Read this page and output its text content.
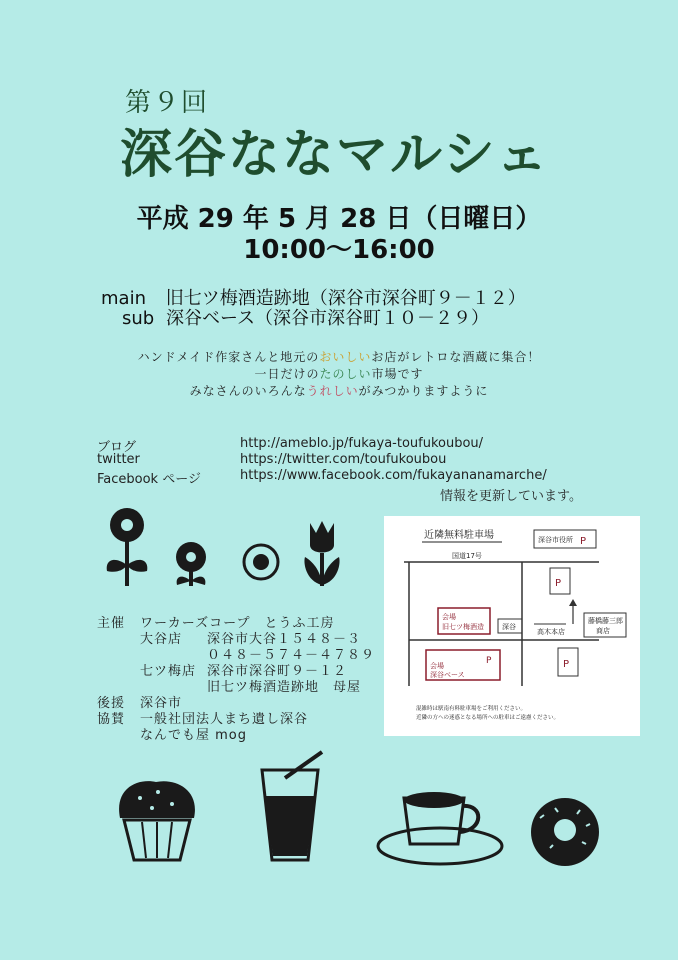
第９回
深谷ななマルシェ
平成 29 年 5 月 28 日（日曜日）
10:00～16:00
main 旧七ツ梅酒造跡地（深谷市深谷町９－１２）
sub 深谷ベース（深谷市深谷町１０－２９）
ハンドメイド作家さんと地元のおいしいお店がレトロな酒蔵に集合！
一日だけのたのしい市場です
みなさんのいろんなうれしいがみつかりますように
ブログ	http://ameblo.jp/fukaya-toufukoubou/
twitter	https://twitter.com/toufukoubou
Facebook ページ	https://www.facebook.com/fukayananamarche/
情報を更新しています。
主催 ワーカーズコープ　とうふ工房
大谷店 深谷市大谷１５４８－３
０４８－５７４－４７８９
七ツ梅店 深谷市深谷町９－１２
旧七ツ梅酒造跡地　母屋
後援 深谷市
協賛 一般社団法人まち遺し深谷
なんでも屋 mog
近隣無料駐車場	深谷市役所 P
国道17号
P
会場
旧七ツ梅酒造	深谷
高木本店
藤橋藤三郎
商店
会場
深谷ベース
P	P
混雑時は駅南有料駐車場をご利用ください。
近隣の方への迷惑となる場所への駐車はご遠慮ください。
